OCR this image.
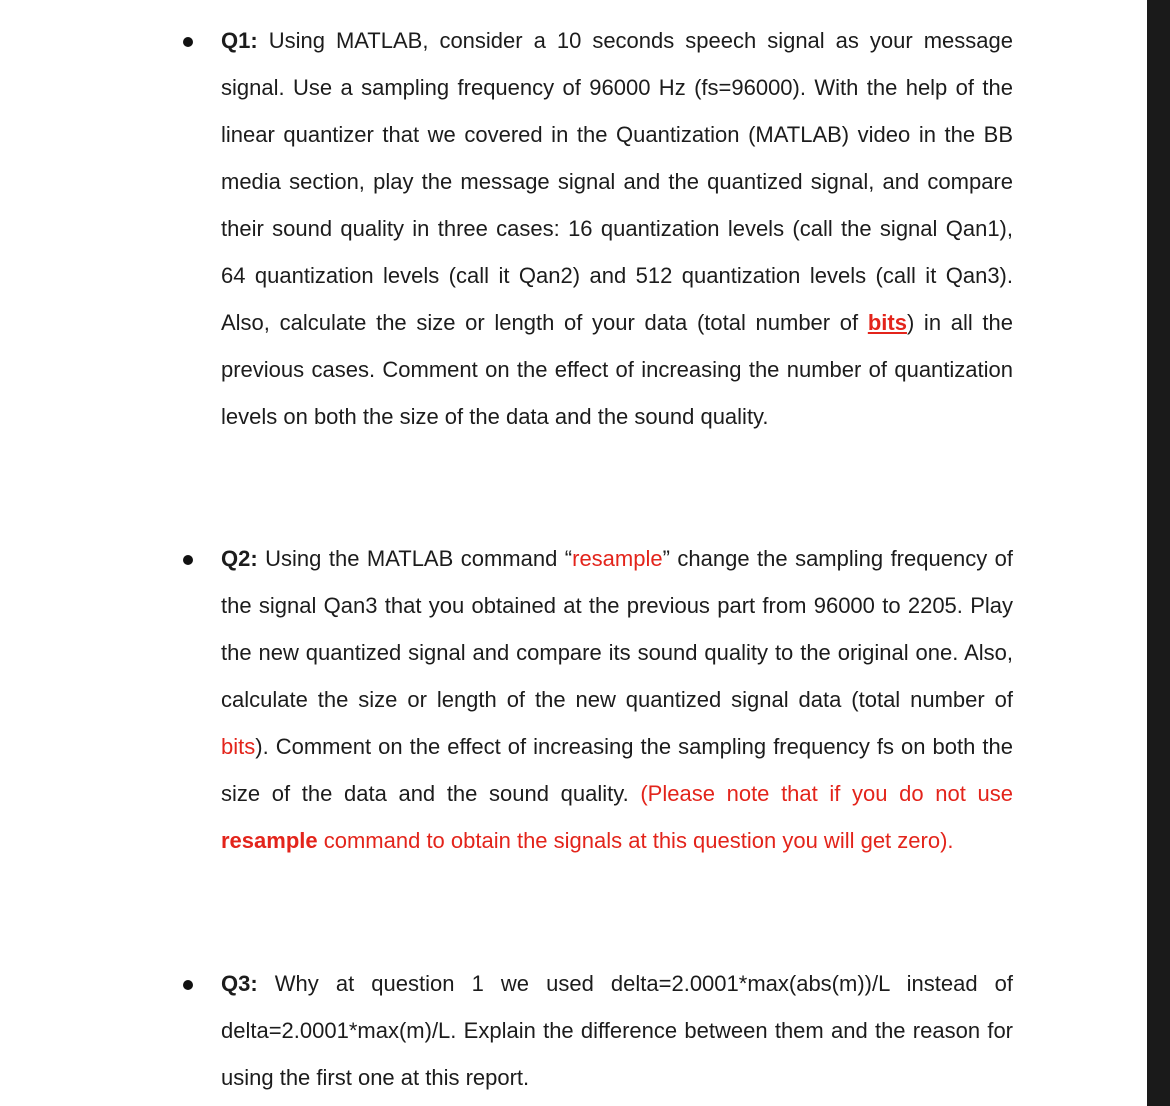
Q1: Using MATLAB, consider a 10 seconds speech signal as your message signal. Use a sampling frequency of 96000 Hz (fs=96000). With the help of the linear quantizer that we covered in the Quantization (MATLAB) video in the BB media section, play the message signal and the quantized signal, and compare their sound quality in three cases: 16 quantization levels (call the signal Qan1), 64 quantization levels (call it Qan2) and 512 quantization levels (call it Qan3). Also, calculate the size or length of your data (total number of bits) in all the previous cases. Comment on the effect of increasing the number of quantization levels on both the size of the data and the sound quality.

Q2: Using the MATLAB command “resample” change the sampling frequency of the signal Qan3 that you obtained at the previous part from 96000 to 2205. Play the new quantized signal and compare its sound quality to the original one. Also, calculate the size or length of the new quantized signal data (total number of bits). Comment on the effect of increasing the sampling frequency fs on both the size of the data and the sound quality. (Please note that if you do not use resample command to obtain the signals at this question you will get zero).

Q3: Why at question 1 we used delta=2.0001*max(abs(m))/L instead of delta=2.0001*max(m)/L. Explain the difference between them and the reason for using the first one at this report.
